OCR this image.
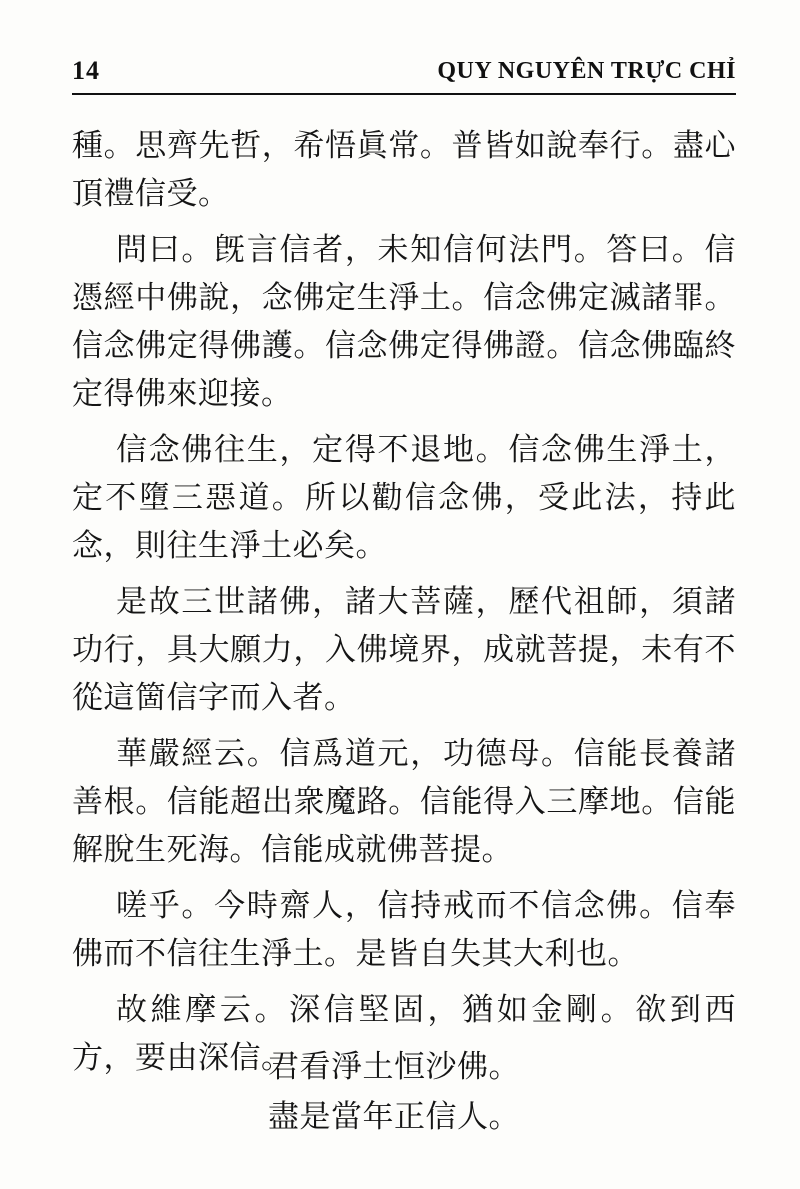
14	QUY NGUYÊN TRỰC CHỈ

種。思齊先哲，希悟眞常。普皆如說奉行。盡心頂禮信受。

問曰。旣言信者，未知信何法門。答曰。信憑經中佛說，念佛定生淨土。信念佛定滅諸罪。信念佛定得佛護。信念佛定得佛證。信念佛臨終定得佛來迎接。

信念佛往生，定得不退地。信念佛生淨土，定不墮三惡道。所以勸信念佛，受此法，持此念，則往生淨土必矣。

是故三世諸佛，諸大菩薩，歷代祖師，須諸功行，具大願力，入佛境界，成就菩提，未有不從這箇信字而入者。

華嚴經云。信爲道元，功德母。信能長養諸善根。信能超出衆魔路。信能得入三摩地。信能解脫生死海。信能成就佛菩提。

嗟乎。今時齋人，信持戒而不信念佛。信奉佛而不信往生淨土。是皆自失其大利也。

故維摩云。深信堅固，猶如金剛。欲到西方，要由深信。

君看淨土恒沙佛。
盡是當年正信人。
